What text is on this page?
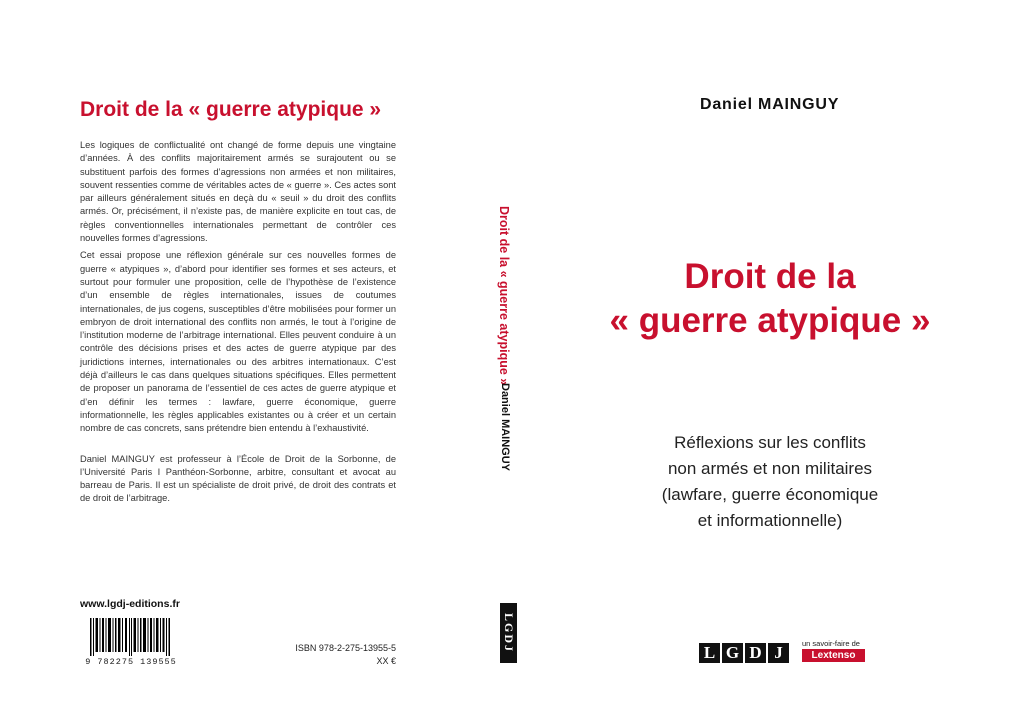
Droit de la « guerre atypique »

Les logiques de conflictualité ont changé de forme depuis une vingtaine d’années. À des conflits majoritairement armés se surajoutent ou se substituent parfois des formes d’agressions non armées et non militaires, souvent ressenties comme de véritables actes de « guerre ». Ces actes sont par ailleurs généralement situés en deçà du « seuil » du droit des conflits armés. Or, précisément, il n’existe pas, de manière explicite en tout cas, de règles conventionnelles internationales permettant de contrôler ces nouvelles formes d’agressions.

Cet essai propose une réflexion générale sur ces nouvelles formes de guerre « atypiques », d’abord pour identifier ses formes et ses acteurs, et surtout pour formuler une proposition, celle de l’hypothèse de l’existence d’un ensemble de règles internationales, issues de coutumes internationales, de jus cogens, susceptibles d’être mobilisées pour former un embryon de droit international des conflits non armés, le tout à l’origine de l’institution moderne de l’arbitrage international. Elles peuvent conduire à un contrôle des décisions prises et des actes de guerre atypique par des juridictions internes, internationales ou des arbitres internationaux. C’est déjà d’ailleurs le cas dans quelques situations spécifiques. Elles permettent de proposer un panorama de l’essentiel de ces actes de guerre atypique et d’en définir les termes : lawfare, guerre économique, guerre informationnelle, les règles applicables existantes ou à créer et un certain nombre de cas concrets, sans prétendre bien entendu à l’exhaustivité.

Daniel MAINGUY est professeur à l’École de Droit de la Sorbonne, de l’Université Paris I Panthéon-Sorbonne, arbitre, consultant et avocat au barreau de Paris. Il est un spécialiste de droit privé, de droit des contrats et de droit de l’arbitrage.

www.lgdj-editions.fr
9 782275 139555
ISBN 978-2-275-13955-5
XX €
Droit de la « guerre atypique »
Daniel MAINGUY
LGDJ
Daniel MAINGUY
Droit de la
« guerre atypique »
Réflexions sur les conflits
non armés et non militaires
(lawfare, guerre économique
et informationnelle)
L G D J	un savoir-faire de
Lextenso
